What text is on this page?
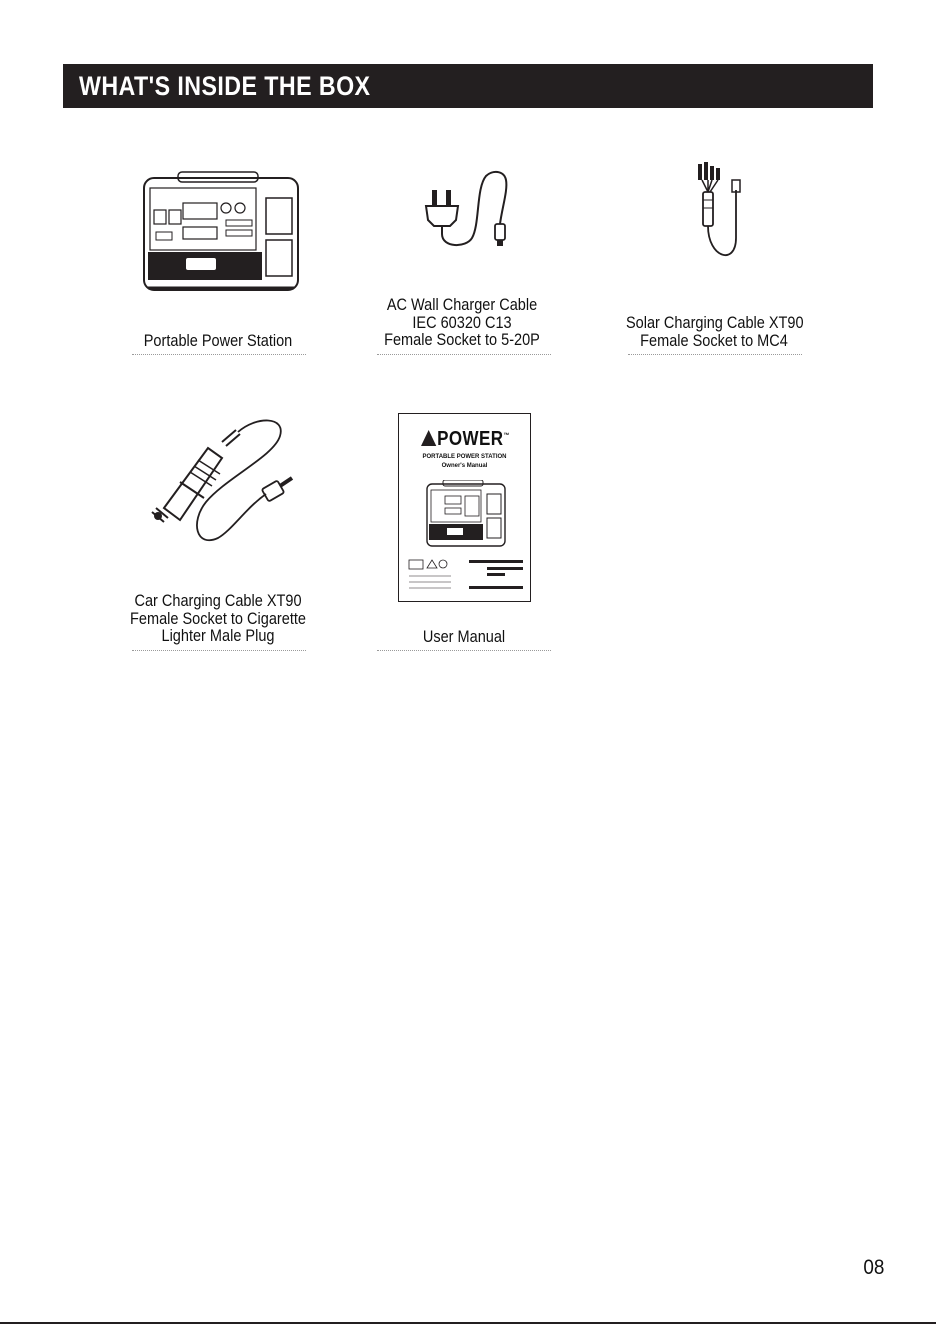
WHAT'S INSIDE THE BOX
Portable Power Station
AC Wall Charger Cable
IEC 60320 C13
Female Socket to 5-20P
Solar Charging Cable XT90
Female Socket to MC4
Car Charging Cable XT90
Female Socket to Cigarette
Lighter Male Plug
POWER™
PORTABLE POWER STATION
Owner's Manual
User Manual
08
